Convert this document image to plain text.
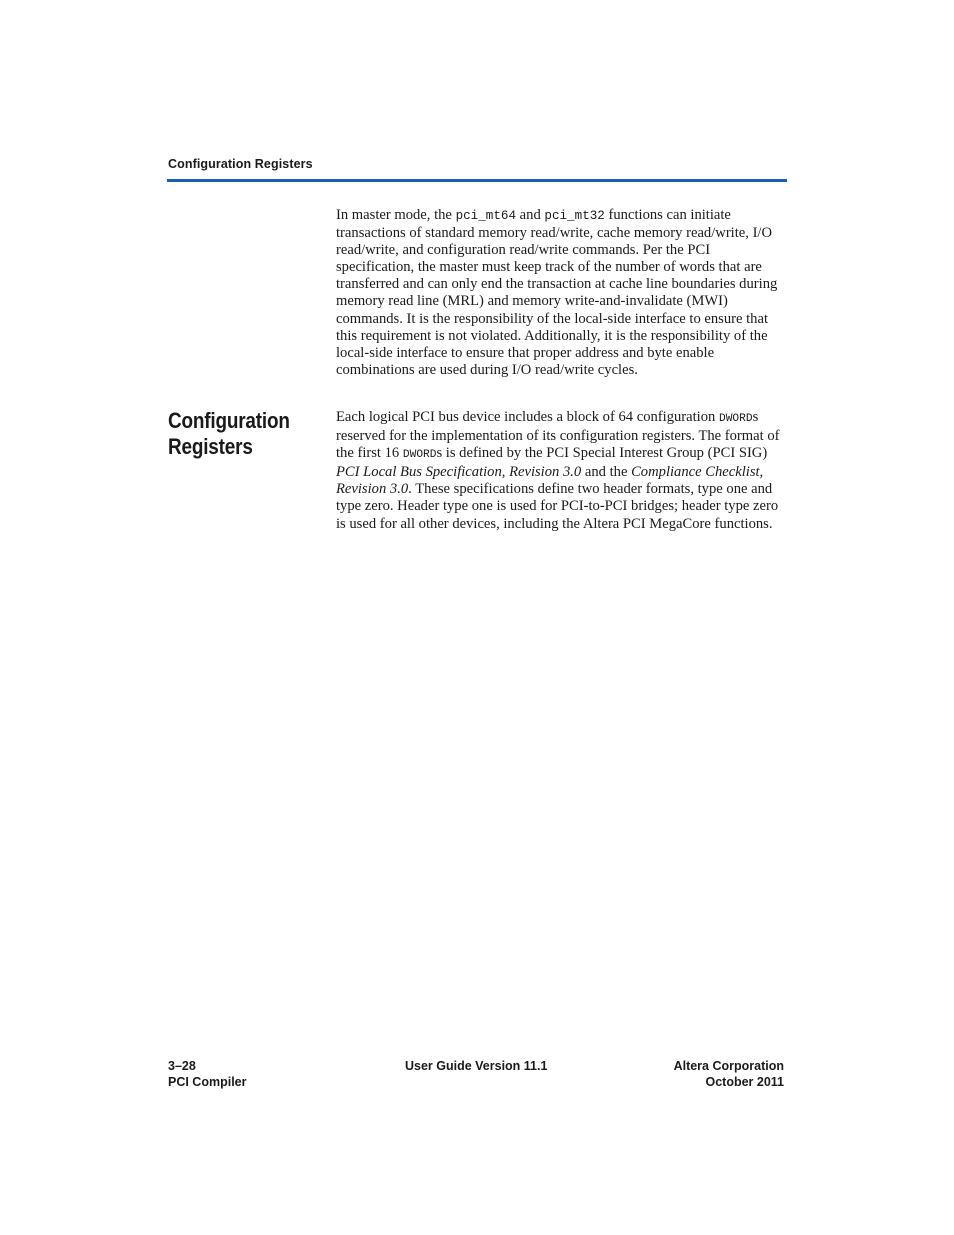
Configuration Registers

In master mode, the pci_mt64 and pci_mt32 functions can initiate transactions of standard memory read/write, cache memory read/write, I/O read/write, and configuration read/write commands. Per the PCI specification, the master must keep track of the number of words that are transferred and can only end the transaction at cache line boundaries during memory read line (MRL) and memory write-and-invalidate (MWI) commands. It is the responsibility of the local-side interface to ensure that this requirement is not violated. Additionally, it is the responsibility of the local-side interface to ensure that proper address and byte enable combinations are used during I/O read/write cycles.

Configuration
Registers

Each logical PCI bus device includes a block of 64 configuration DWORDs reserved for the implementation of its configuration registers. The format of the first 16 DWORDs is defined by the PCI Special Interest Group (PCI SIG) PCI Local Bus Specification, Revision 3.0 and the Compliance Checklist, Revision 3.0. These specifications define two header formats, type one and type zero. Header type one is used for PCI-to-PCI bridges; header type zero is used for all other devices, including the Altera PCI MegaCore functions.

3–28
PCI Compiler
User Guide Version 11.1	Altera Corporation
October 2011
